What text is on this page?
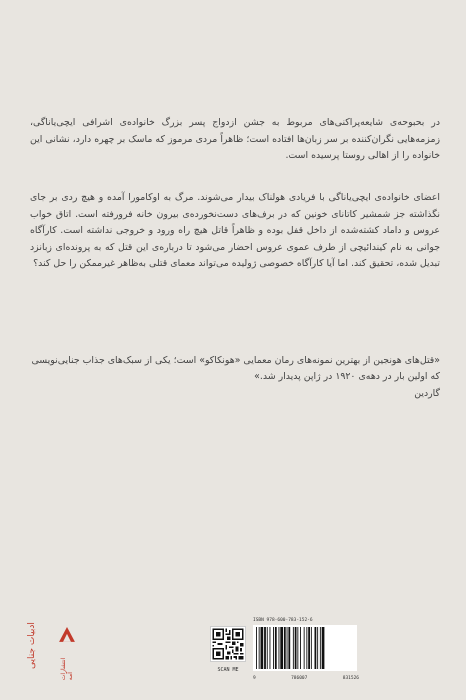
در بحبوحه‌ی شایعه‌پراکنی‌های مربوط به جشن ازدواج پسر بزرگ خانواده‌ی اشرافی ایچی‌یاناگی، زمزمه‌هایی نگران‌کننده بر سر زبان‌ها افتاده است؛ ظاهراً مردی مرموز که ماسک بر چهره دارد، نشانی این خانواده را از اهالی روستا پرسیده است.

اعضای خانواده‌ی ایچی‌یاناگی با فریادی هولناک بیدار می‌شوند. مرگ به اوکامورا آمده و هیچ ردی بر جای نگذاشته جز شمشیر کاتانای خونین که در برف‌های دست‌نخورده‌ی بیرون خانه فرورفته است. اتاق خواب عروس و داماد کشته‌شده از داخل قفل بوده و ظاهراً قاتل هیچ راه ورود و خروجی نداشته است. کارآگاه جوانی به نام کیندائیچی از طرف عموی عروس احضار می‌شود تا درباره‌ی این قتل که به پرونده‌ای زبانزد تبدیل شده، تحقیق کند. اما آیا کارآگاه خصوصی ژولیده می‌تواند معمای قتلی به‌ظاهر غیرممکن را حل کند؟

«قتل‌های هونجین از بهترین نمونه‌های رمان معمایی «هونکاکو» است؛ یکی از سبک‌های جذاب جنایی‌نویسی که اولین بار در دهه‌ی ۱۹۲۰ در ژاپن پدیدار شد.»
گاردین
ادبیات جنایی	انتشارات آمه
SCAN ME
ISBN 978-600-783-152-6
9	786007	831526
